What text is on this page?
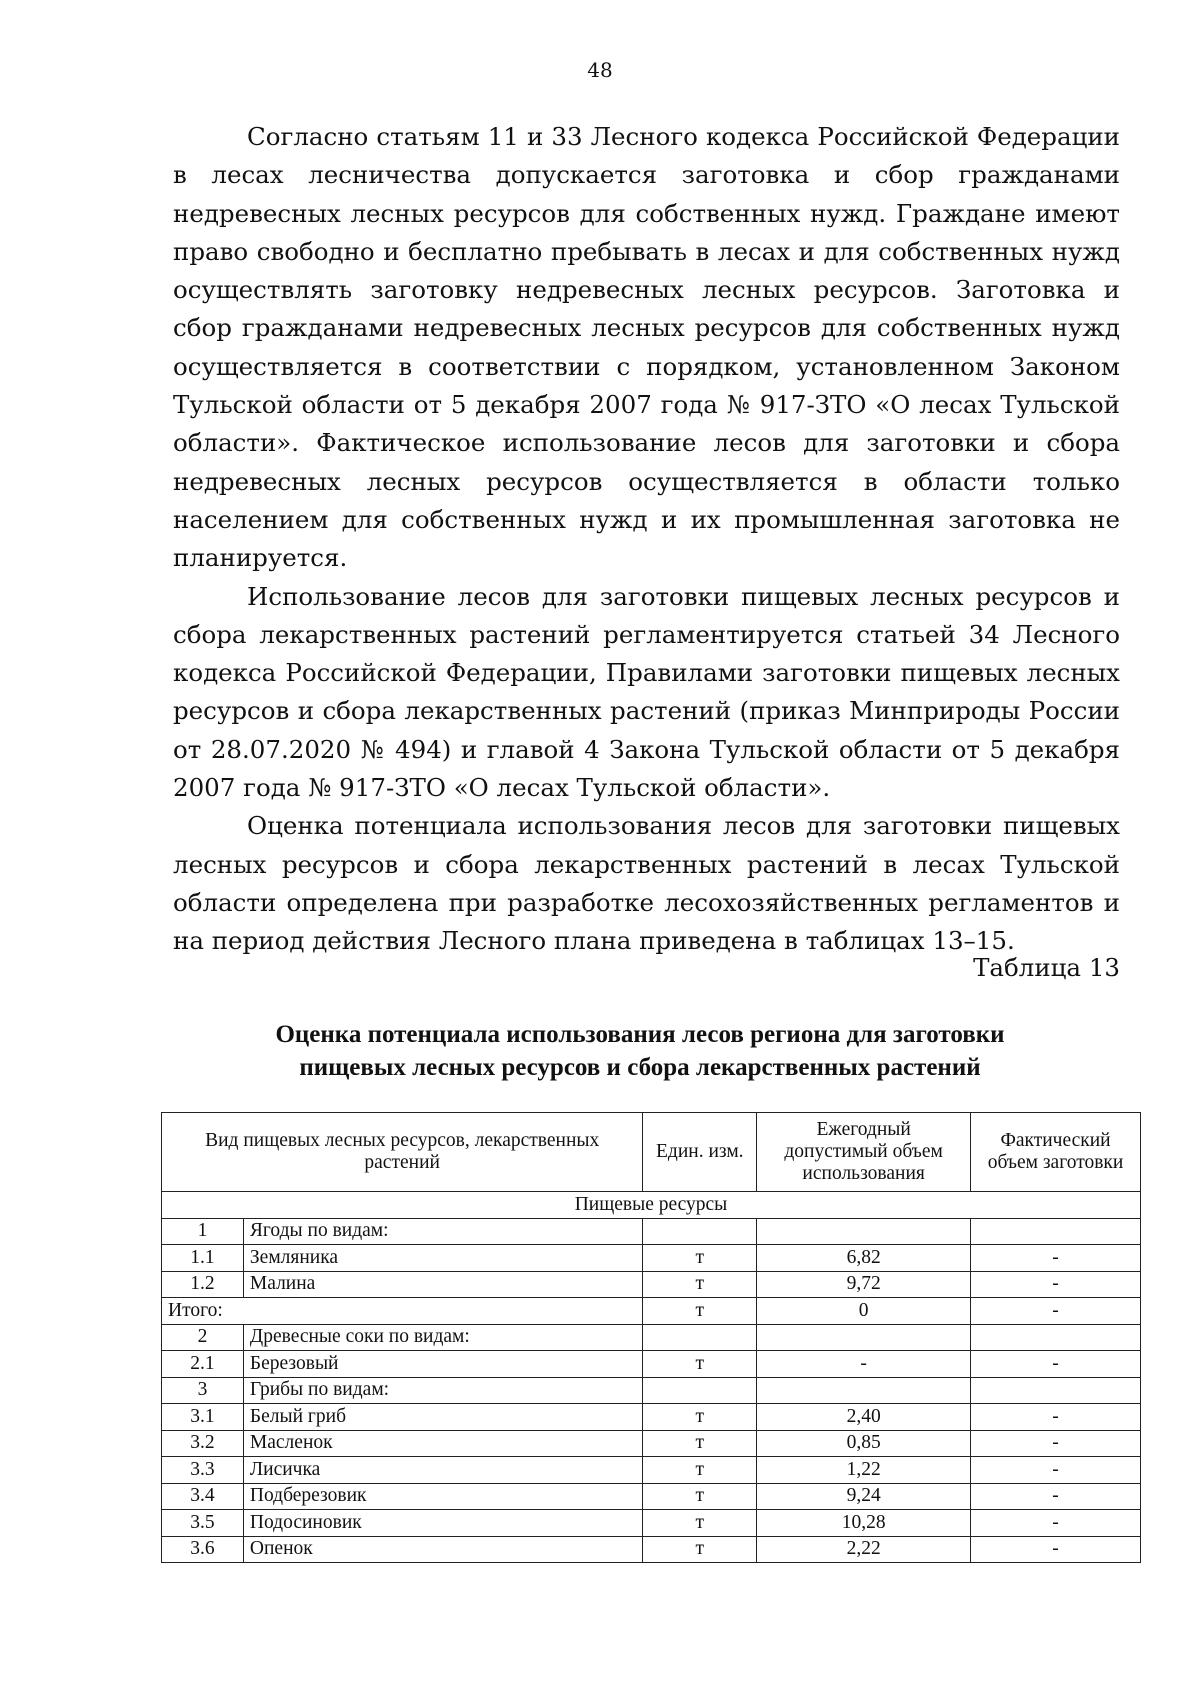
48

Согласно статьям 11 и 33 Лесного кодекса Российской Федерации в лесах лесничества допускается заготовка и сбор гражданами недревесных лесных ресурсов для собственных нужд. Граждане имеют право свободно и бесплатно пребывать в лесах и для собственных нужд осуществлять заготовку недревесных лесных ресурсов. Заготовка и сбор гражданами недревесных лесных ресурсов для собственных нужд осуществляется в соответствии с порядком, установленном Законом Тульской области от 5 декабря 2007 года № 917-ЗТО «О лесах Тульской области». Фактическое использование лесов для заготовки и сбора недревесных лесных ресурсов осуществляется в области только населением для собственных нужд и их промышленная заготовка не планируется.

Использование лесов для заготовки пищевых лесных ресурсов и сбора лекарственных растений регламентируется статьей 34 Лесного кодекса Российской Федерации, Правилами заготовки пищевых лесных ресурсов и сбора лекарственных растений (приказ Минприроды России от 28.07.2020 № 494) и главой 4 Закона Тульской области от 5 декабря 2007 года № 917-ЗТО «О лесах Тульской области».

Оценка потенциала использования лесов для заготовки пищевых лесных ресурсов и сбора лекарственных растений в лесах Тульской области определена при разработке лесохозяйственных регламентов и на период действия Лесного плана приведена в таблицах 13–15.

Таблица 13
Оценка потенциала использования лесов региона для заготовки
пищевых лесных ресурсов и сбора лекарственных растений
Вид пищевых лесных ресурсов, лекарственных растений		Един. изм.	Ежегодный допустимый объем использования	Фактический объем заготовки
Пищевые ресурсы				
1	Ягоды по видам:			
1.1	Земляника	т	6,82	-
1.2	Малина	т	9,72	-
Итого:		т	0	-
2	Древесные соки по видам:			
2.1	Березовый	т	-	-
3	Грибы по видам:			
3.1	Белый гриб	т	2,40	-
3.2	Масленок	т	0,85	-
3.3	Лисичка	т	1,22	-
3.4	Подберезовик	т	9,24	-
3.5	Подосиновик	т	10,28	-
3.6	Опенок	т	2,22	-
